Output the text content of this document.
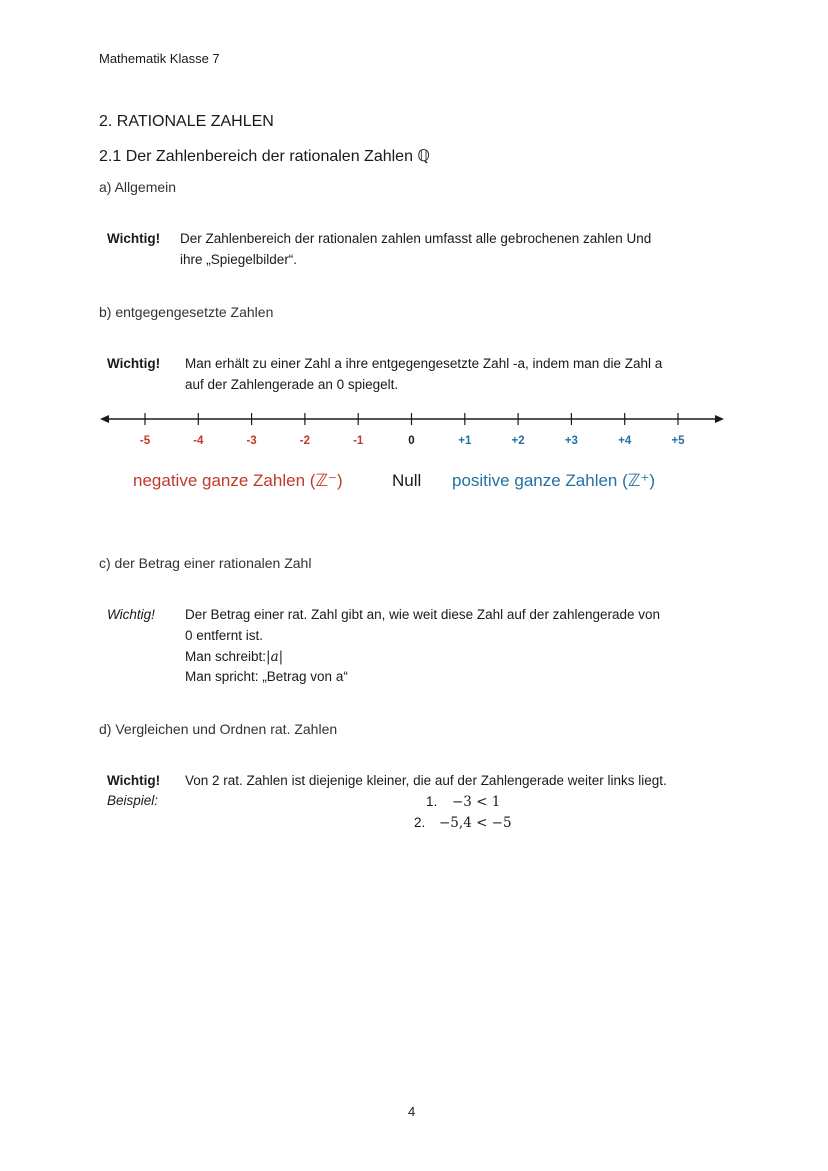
Mathematik Klasse 7
2. RATIONALE ZAHLEN
2.1 Der Zahlenbereich der rationalen Zahlen ℚ
a) Allgemein
Wichtig! Der Zahlenbereich der rationalen zahlen umfasst alle gebrochenen zahlen Und
ihre „Spiegelbilder“.
b) entgegengesetzte Zahlen
Wichtig! Man erhält zu einer Zahl a ihre entgegengesetzte Zahl -a, indem man die Zahl a
auf der Zahlengerade an 0 spiegelt.
-5	-4	-3	-2	-1	0	+1	+2	+3	+4	+5
negative ganze Zahlen (ℤ⁻)	Null positive ganze Zahlen (ℤ⁺)
c) der Betrag einer rationalen Zahl
Wichtig! Der Betrag einer rat. Zahl gibt an, wie weit diese Zahl auf der zahlengerade von
0 entfernt ist.
Man schreibt:|a|
Man spricht: „Betrag von a“
d) Vergleichen und Ordnen rat. Zahlen
Wichtig! Von 2 rat. Zahlen ist diejenige kleiner, die auf der Zahlengerade weiter links liegt.
Beispiel:	1. −3 < 1
2. −5,4 < −5
4
